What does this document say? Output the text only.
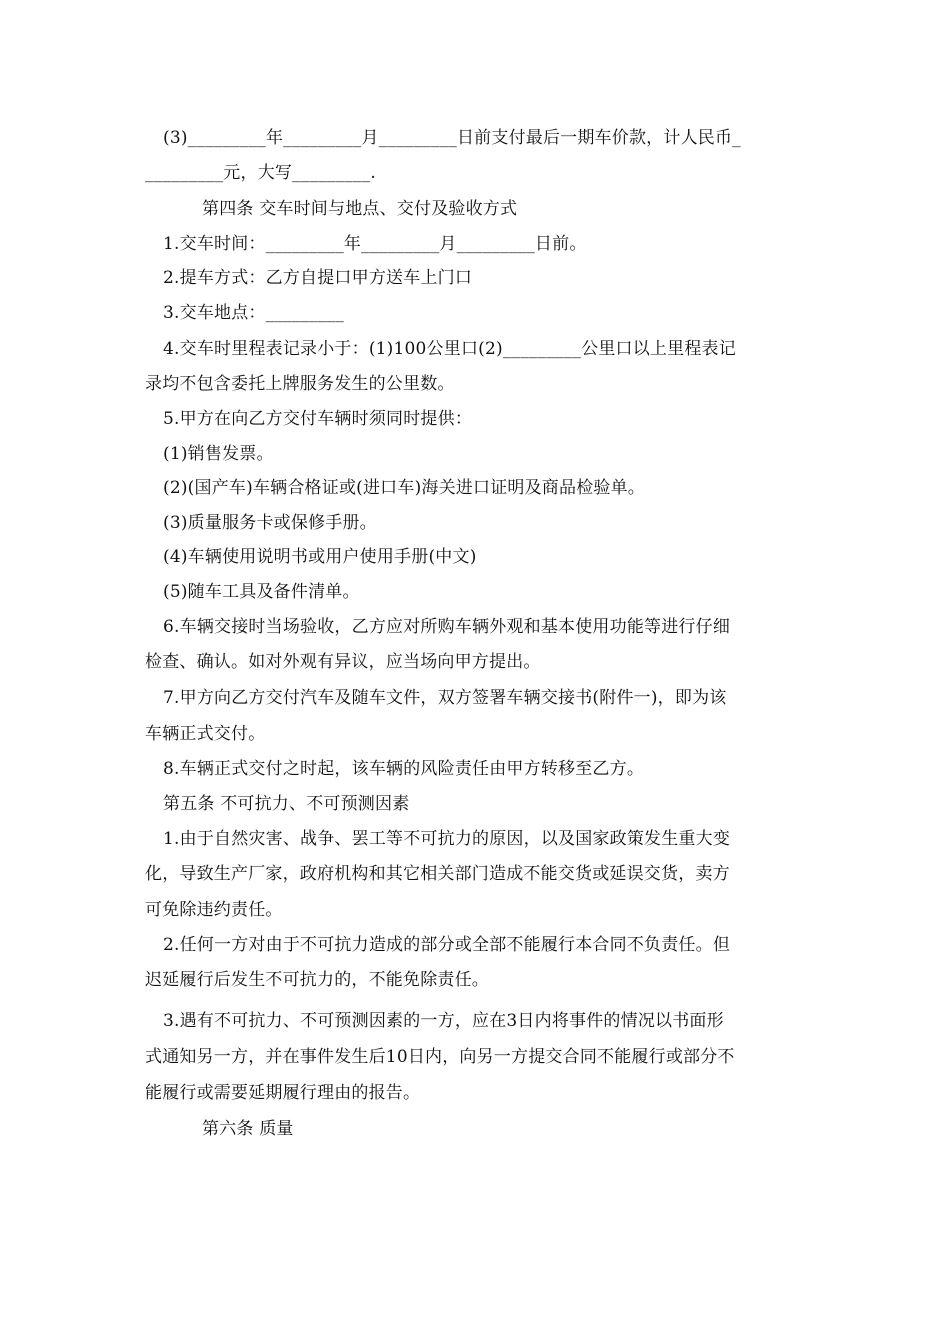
(3)_________年_________月_________日前支付最后一期车价款，计人民币_
_________元，大写_________.
第四条 交车时间与地点、交付及验收方式
1.交车时间：_________年_________月_________日前。
2.提车方式：乙方自提口甲方送车上门口
3.交车地点：_________
4.交车时里程表记录小于：(1)100公里口(2)_________公里口以上里程表记
录均不包含委托上牌服务发生的公里数。
5.甲方在向乙方交付车辆时须同时提供：
(1)销售发票。
(2)(国产车)车辆合格证或(进口车)海关进口证明及商品检验单。
(3)质量服务卡或保修手册。
(4)车辆使用说明书或用户使用手册(中文)
(5)随车工具及备件清单。
6.车辆交接时当场验收，乙方应对所购车辆外观和基本使用功能等进行仔细
检查、确认。如对外观有异议，应当场向甲方提出。
7.甲方向乙方交付汽车及随车文件，双方签署车辆交接书(附件一)，即为该
车辆正式交付。
8.车辆正式交付之时起，该车辆的风险责任由甲方转移至乙方。
第五条 不可抗力、不可预测因素
1.由于自然灾害、战争、罢工等不可抗力的原因，以及国家政策发生重大变
化，导致生产厂家，政府机构和其它相关部门造成不能交货或延误交货，卖方
可免除违约责任。
2.任何一方对由于不可抗力造成的部分或全部不能履行本合同不负责任。但
迟延履行后发生不可抗力的，不能免除责任。
3.遇有不可抗力、不可预测因素的一方，应在3日内将事件的情况以书面形
式通知另一方，并在事件发生后10日内，向另一方提交合同不能履行或部分不
能履行或需要延期履行理由的报告。
第六条 质量
